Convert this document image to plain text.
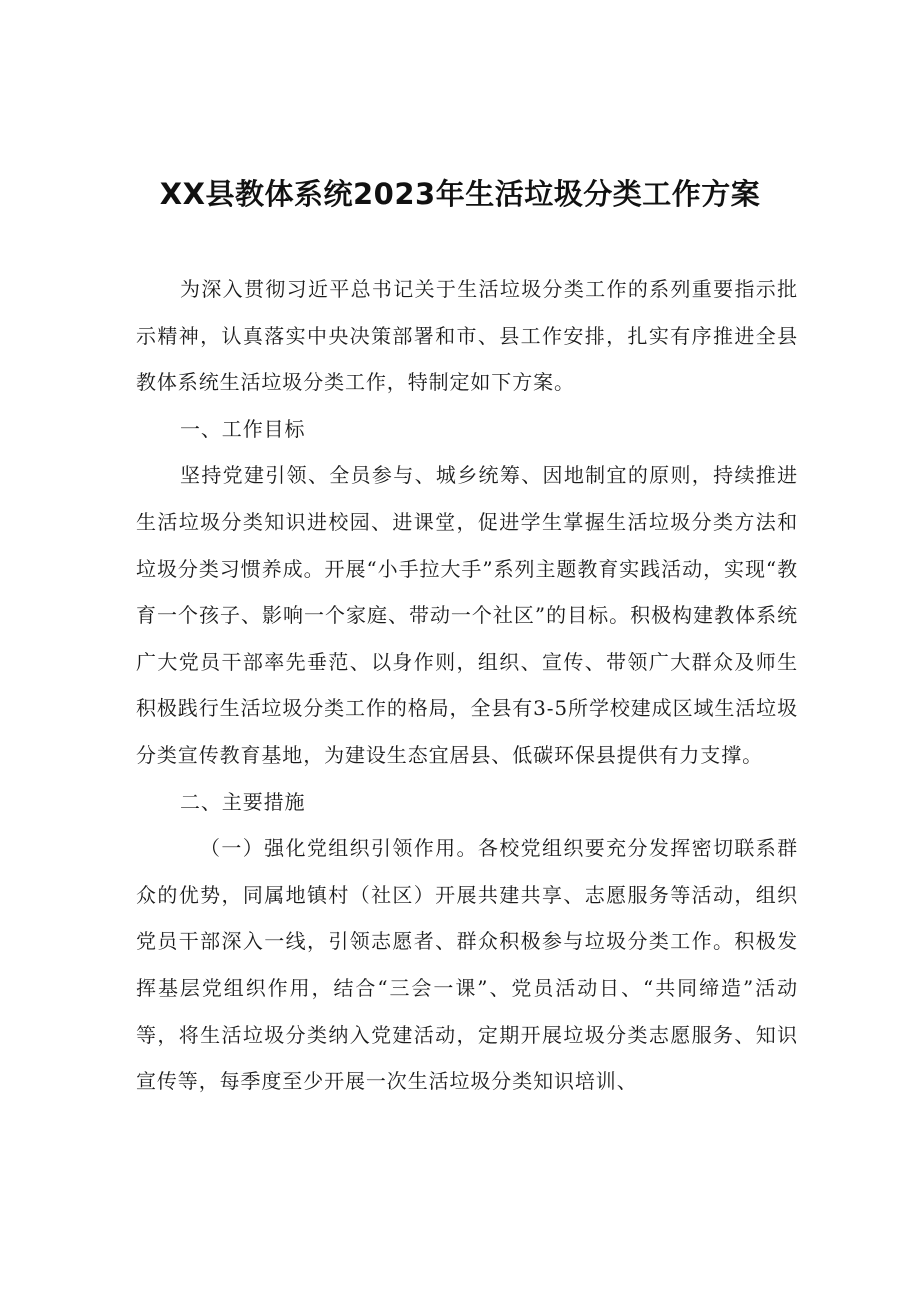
XX县教体系统2023年生活垃圾分类工作方案

为深入贯彻习近平总书记关于生活垃圾分类工作的系列重要指示批示精神，认真落实中央决策部署和市、县工作安排，扎实有序推进全县教体系统生活垃圾分类工作，特制定如下方案。

一、工作目标

坚持党建引领、全员参与、城乡统筹、因地制宜的原则，持续推进生活垃圾分类知识进校园、进课堂，促进学生掌握生活垃圾分类方法和垃圾分类习惯养成。开展“小手拉大手”系列主题教育实践活动，实现“教育一个孩子、影响一个家庭、带动一个社区”的目标。积极构建教体系统广大党员干部率先垂范、以身作则，组织、宣传、带领广大群众及师生积极践行生活垃圾分类工作的格局，全县有3-5所学校建成区域生活垃圾分类宣传教育基地，为建设生态宜居县、低碳环保县提供有力支撑。

二、主要措施

（一）强化党组织引领作用。各校党组织要充分发挥密切联系群众的优势，同属地镇村（社区）开展共建共享、志愿服务等活动，组织党员干部深入一线，引领志愿者、群众积极参与垃圾分类工作。积极发挥基层党组织作用，结合“三会一课”、党员活动日、“共同缔造”活动等，将生活垃圾分类纳入党建活动，定期开展垃圾分类志愿服务、知识宣传等，每季度至少开展一次生活垃圾分类知识培训、
